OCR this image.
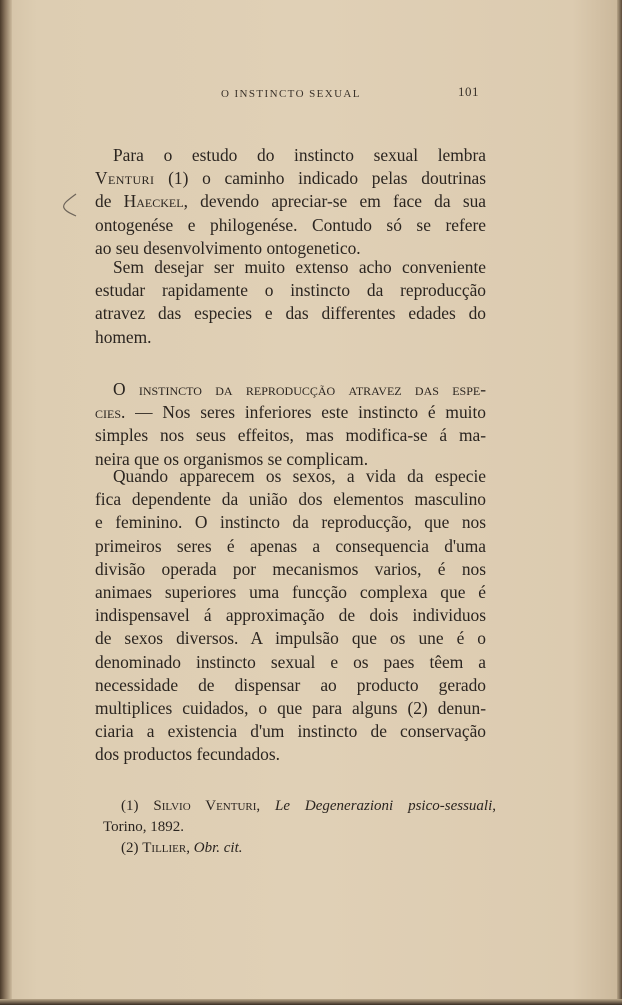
O INSTINCTO SEXUAL	101
Para o estudo do instincto sexual lembra
Venturi (1) o caminho indicado pelas doutrinas
de Haeckel, devendo apreciar-se em face da sua
ontogenése e philogenése. Contudo só se refere
ao seu desenvolvimento ontogenetico.
Sem desejar ser muito extenso acho conveniente
estudar rapidamente o instincto da reproducção
atravez das especies e das differentes edades do
homem.
O instincto da reproducção atravez das espe-
cies. — Nos seres inferiores este instincto é muito
simples nos seus effeitos, mas modifica-se á ma-
neira que os organismos se complicam.
Quando apparecem os sexos, a vida da especie
fica dependente da união dos elementos masculino
e feminino. O instincto da reproducção, que nos
primeiros seres é apenas a consequencia d'uma
divisão operada por mecanismos varios, é nos
animaes superiores uma funcção complexa que é
indispensavel á approximação de dois individuos
de sexos diversos. A impulsão que os une é o
denominado instincto sexual e os paes têem a
necessidade de dispensar ao producto gerado
multiplices cuidados, o que para alguns (2) denun-
ciaria a existencia d'um instincto de conservação
dos productos fecundados.
(1) Silvio Venturi, Le Degenerazioni psico-sessuali,
Torino, 1892.
(2) Tillier, Obr. cit.
